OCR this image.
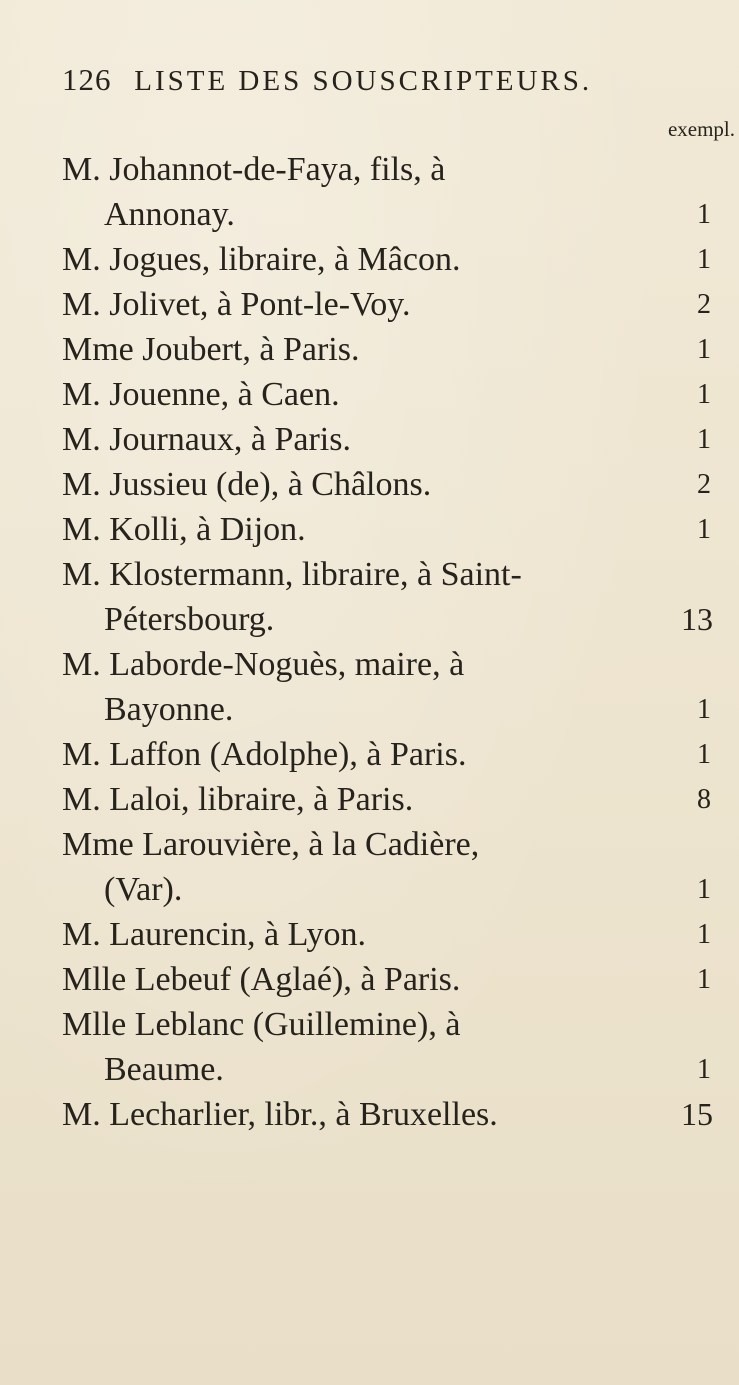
126 LISTE DES SOUSCRIPTEURS.
exempl.
M. Johannot-de-Faya, fils, à
Annonay.	1
M. Jogues, libraire, à Mâcon.	1
M. Jolivet, à Pont-le-Voy.	2
Mme Joubert, à Paris.	1
M. Jouenne, à Caen.	1
M. Journaux, à Paris.	1
M. Jussieu (de), à Châlons.	2
M. Kolli, à Dijon.	1
M. Klostermann, libraire, à Saint-
Pétersbourg.	13
M. Laborde-Noguès, maire, à
Bayonne.	1
M. Laffon (Adolphe), à Paris.	1
M. Laloi, libraire, à Paris.	8
Mme Larouvière, à la Cadière,
(Var).	1
M. Laurencin, à Lyon.	1
Mlle Lebeuf (Aglaé), à Paris.	1
Mlle Leblanc (Guillemine), à
Beaume.	1
M. Lecharlier, libr., à Bruxelles.	15
